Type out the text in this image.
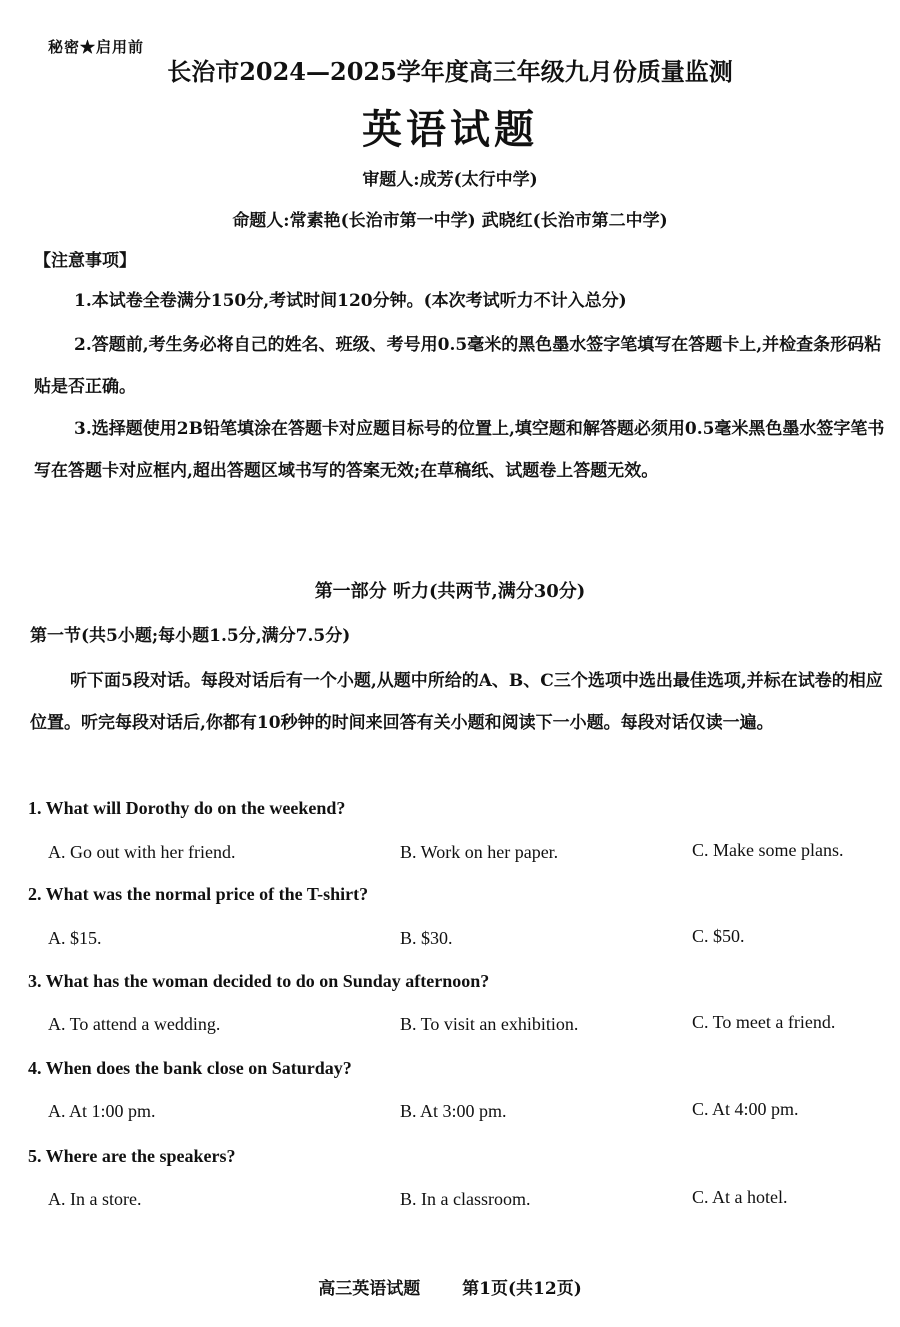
秘密★启用前
长治市2024—2025学年度高三年级九月份质量监测
英语试题
审题人:成芳(太行中学)
命题人:常素艳(长治市第一中学) 武晓红(长治市第二中学)
【注意事项】
1.本试卷全卷满分150分,考试时间120分钟。(本次考试听力不计入总分)
2.答题前,考生务必将自己的姓名、班级、考号用0.5毫米的黑色墨水签字笔填写在答题卡上,并检查条形码粘贴是否正确。
3.选择题使用2B铅笔填涂在答题卡对应题目标号的位置上,填空题和解答题必须用0.5毫米黑色墨水签字笔书写在答题卡对应框内,超出答题区域书写的答案无效;在草稿纸、试题卷上答题无效。
第一部分 听力(共两节,满分30分)
第一节(共5小题;每小题1.5分,满分7.5分)
听下面5段对话。每段对话后有一个小题,从题中所给的A、B、C三个选项中选出最佳选项,并标在试卷的相应位置。听完每段对话后,你都有10秒钟的时间来回答有关小题和阅读下一小题。每段对话仅读一遍。
1. What will Dorothy do on the weekend?
A. Go out with her friend.	B. Work on her paper.	C. Make some plans.
2. What was the normal price of the T-shirt?
A. $15.	B. $30.	C. $50.
3. What has the woman decided to do on Sunday afternoon?
A. To attend a wedding.	B. To visit an exhibition.	C. To meet a friend.
4. When does the bank close on Saturday?
A. At 1:00 pm.	B. At 3:00 pm.	C. At 4:00 pm.
5. Where are the speakers?
A. In a store.	B. In a classroom.	C. At a hotel.
高三英语试题 第1页(共12页)
